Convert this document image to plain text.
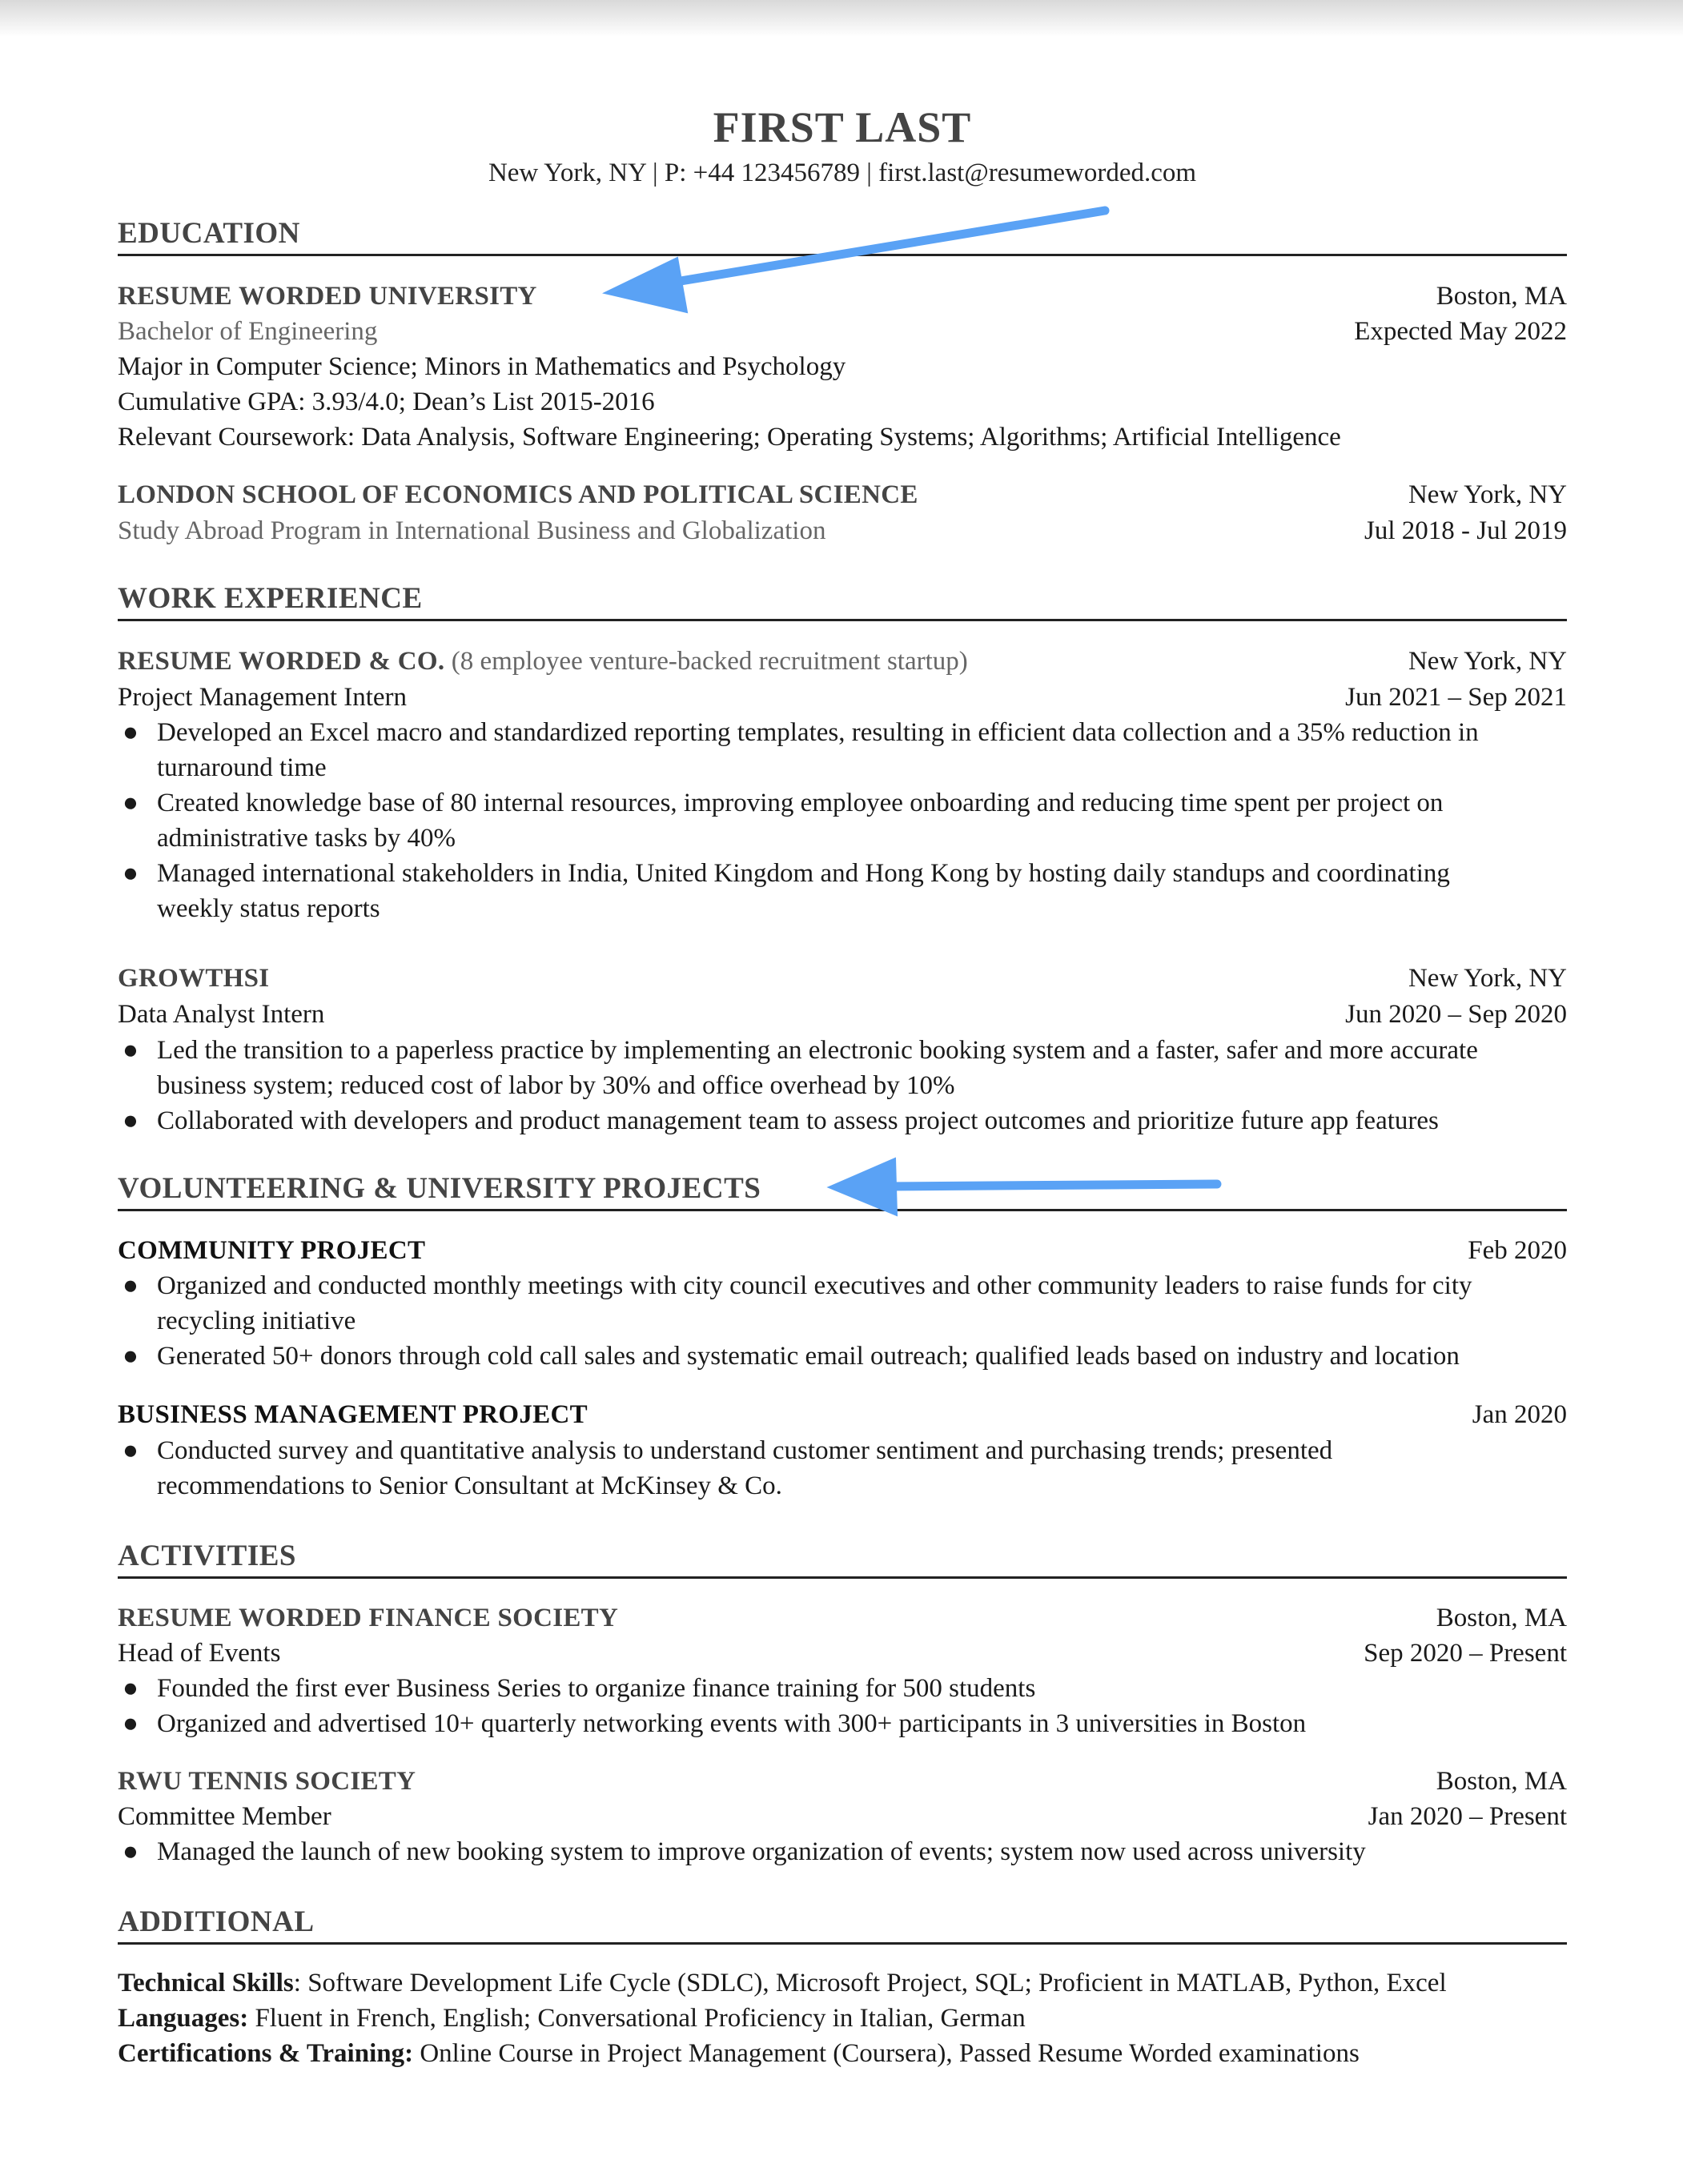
FIRST LAST
New York, NY | P: +44 123456789 | first.last@resumeworded.com
EDUCATION
RESUME WORDED UNIVERSITY	Boston, MA
Bachelor of Engineering	Expected May 2022
Major in Computer Science; Minors in Mathematics and Psychology
Cumulative GPA: 3.93/4.0; Dean’s List 2015-2016
Relevant Coursework: Data Analysis, Software Engineering; Operating Systems; Algorithms; Artificial Intelligence
LONDON SCHOOL OF ECONOMICS AND POLITICAL SCIENCE	New York, NY
Study Abroad Program in International Business and Globalization	Jul 2018 - Jul 2019
WORK EXPERIENCE
RESUME WORDED & CO. (8 employee venture-backed recruitment startup)	New York, NY
Project Management Intern	Jun 2021 – Sep 2021
● Developed an Excel macro and standardized reporting templates, resulting in efficient data collection and a 35% reduction in
turnaround time
● Created knowledge base of 80 internal resources, improving employee onboarding and reducing time spent per project on
administrative tasks by 40%
● Managed international stakeholders in India, United Kingdom and Hong Kong by hosting daily standups and coordinating
weekly status reports
GROWTHSI	New York, NY
Data Analyst Intern	Jun 2020 – Sep 2020
● Led the transition to a paperless practice by implementing an electronic booking system and a faster, safer and more accurate
business system; reduced cost of labor by 30% and office overhead by 10%
● Collaborated with developers and product management team to assess project outcomes and prioritize future app features
VOLUNTEERING & UNIVERSITY PROJECTS
COMMUNITY PROJECT	Feb 2020
● Organized and conducted monthly meetings with city council executives and other community leaders to raise funds for city
recycling initiative
● Generated 50+ donors through cold call sales and systematic email outreach; qualified leads based on industry and location
BUSINESS MANAGEMENT PROJECT	Jan 2020
● Conducted survey and quantitative analysis to understand customer sentiment and purchasing trends; presented
recommendations to Senior Consultant at McKinsey & Co.
ACTIVITIES
RESUME WORDED FINANCE SOCIETY	Boston, MA
Head of Events	Sep 2020 – Present
● Founded the first ever Business Series to organize finance training for 500 students
● Organized and advertised 10+ quarterly networking events with 300+ participants in 3 universities in Boston
RWU TENNIS SOCIETY	Boston, MA
Committee Member	Jan 2020 – Present
● Managed the launch of new booking system to improve organization of events; system now used across university
ADDITIONAL
Technical Skills: Software Development Life Cycle (SDLC), Microsoft Project, SQL; Proficient in MATLAB, Python, Excel
Languages: Fluent in French, English; Conversational Proficiency in Italian, German
Certifications & Training: Online Course in Project Management (Coursera), Passed Resume Worded examinations
